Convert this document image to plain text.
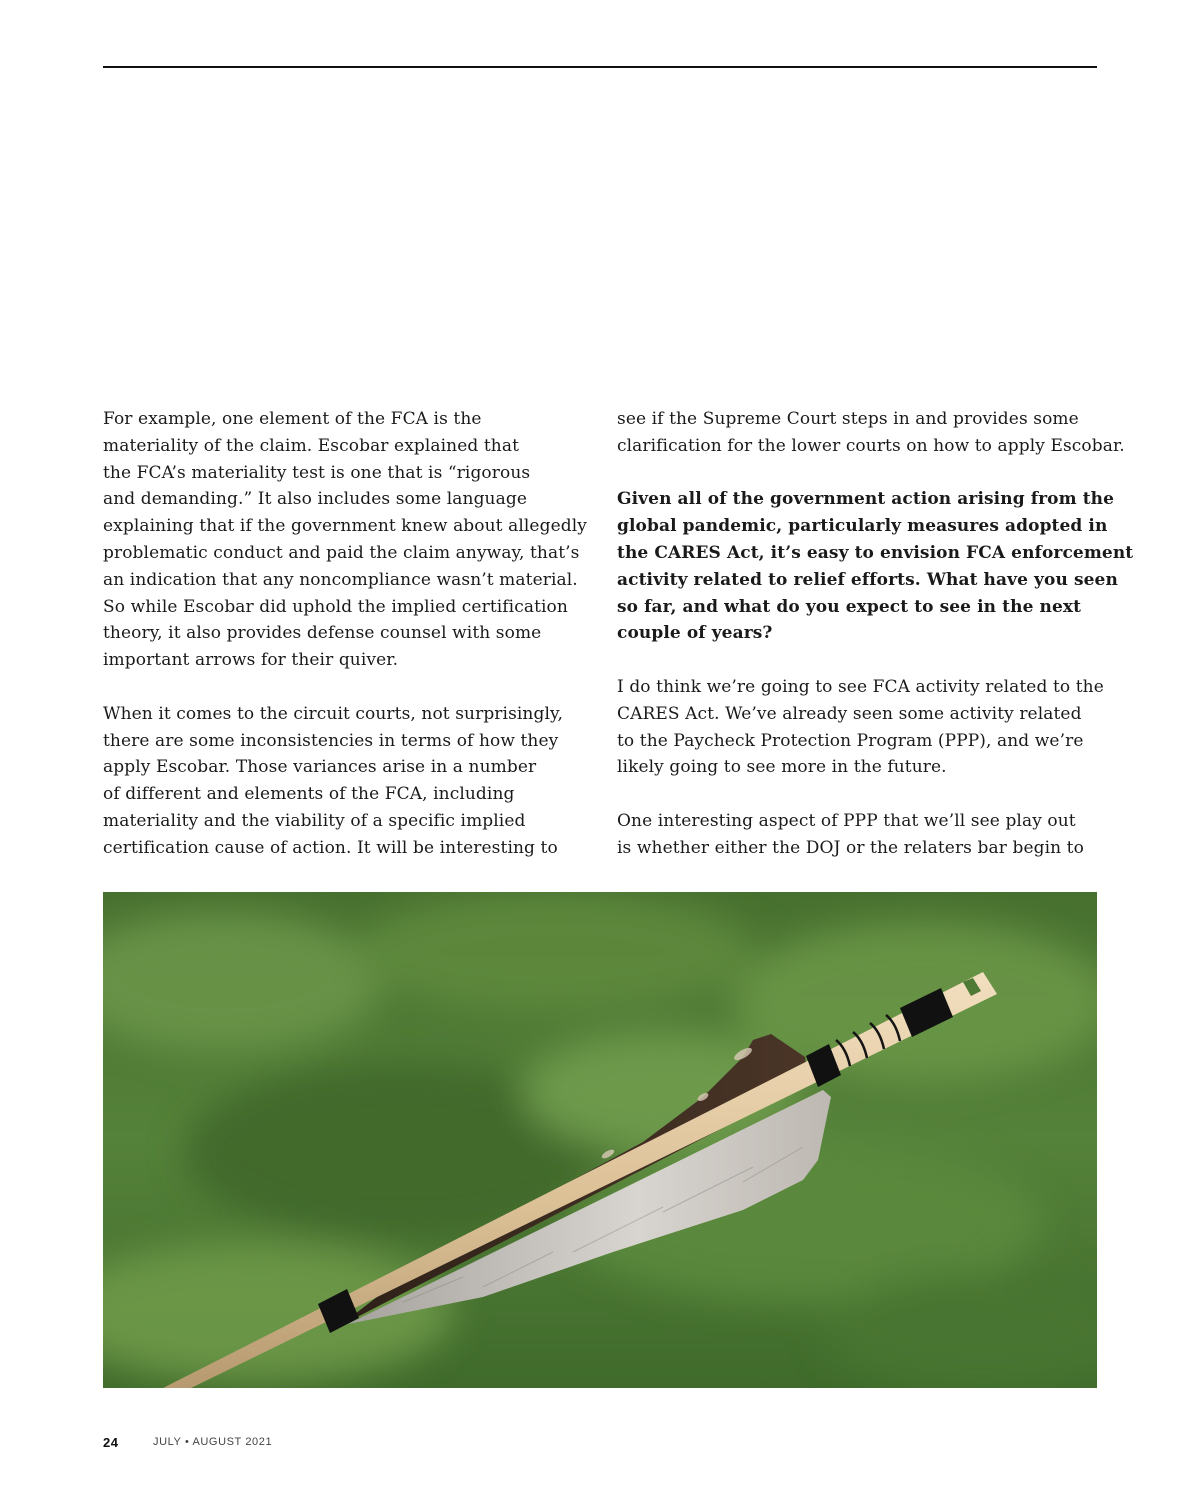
For example, one element of the FCA is the
materiality of the claim. Escobar explained that
the FCA’s materiality test is one that is “rigorous
and demanding.” It also includes some language
explaining that if the government knew about allegedly
problematic conduct and paid the claim anyway, that’s
an indication that any noncompliance wasn’t material.
So while Escobar did uphold the implied certification
theory, it also provides defense counsel with some
important arrows for their quiver.

When it comes to the circuit courts, not surprisingly,
there are some inconsistencies in terms of how they
apply Escobar. Those variances arise in a number
of different and elements of the FCA, including
materiality and the viability of a specific implied
certification cause of action. It will be interesting to

see if the Supreme Court steps in and provides some
clarification for the lower courts on how to apply Escobar.

Given all of the government action arising from the
global pandemic, particularly measures adopted in
the CARES Act, it’s easy to envision FCA enforcement
activity related to relief efforts. What have you seen
so far, and what do you expect to see in the next
couple of years?

I do think we’re going to see FCA activity related to the
CARES Act. We’ve already seen some activity related
to the Paycheck Protection Program (PPP), and we’re
likely going to see more in the future.

One interesting aspect of PPP that we’ll see play out
is whether either the DOJ or the relaters bar begin to

24	JULY • AUGUST 2021
